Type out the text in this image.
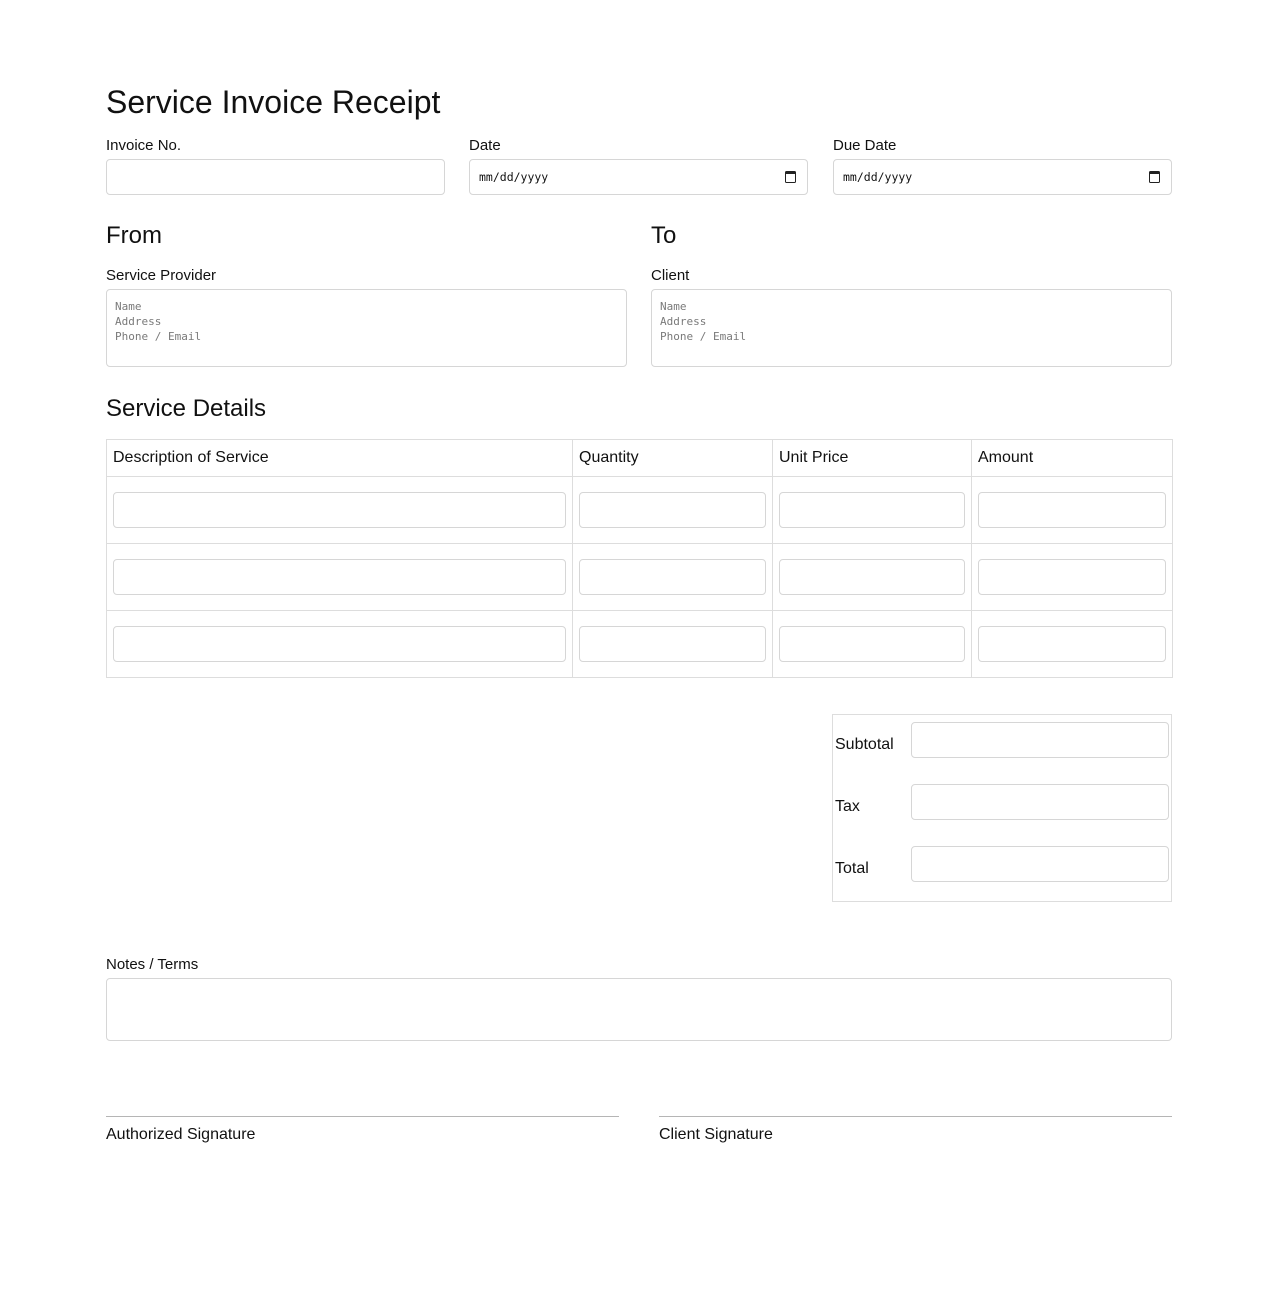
Service Invoice Receipt
Invoice No.	Date
mm/dd/yyyy
Due Date
mm/dd/yyyy
From
Service Provider
Name
Address
Phone / Email
To
Client
Name
Address
Phone / Email
Service Details
Description of Service	Quantity	Unit Price	Amount

Subtotal
Tax
Total
Notes / Terms
Authorized Signature	Client Signature
